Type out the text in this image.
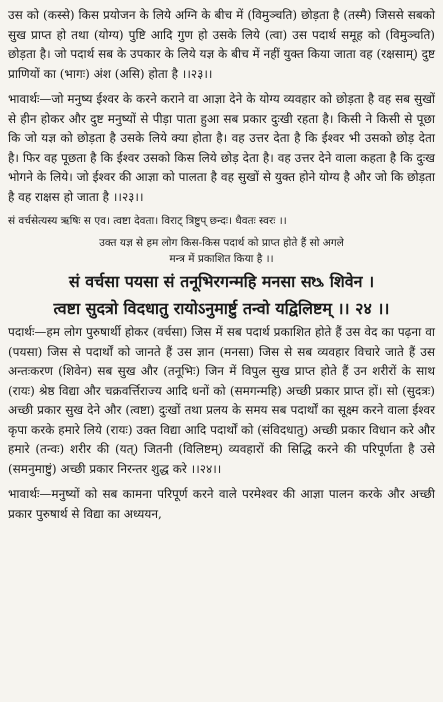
उस को (कस्से) किस प्रयोजन के लिये अग्नि के बीच में (विमुञ्चति) छोड़ता है (तस्मै) जिससे सबको सुख प्राप्त हो तथा (योग्य) पुष्टि आदि गुण हो उसके लिये (त्वा) उस पदार्थ समूह को (विमुञ्चति) छोड़ता है। जो पदार्थ सब के उपकार के लिये यज्ञ के बीच में नहीं युक्त किया जाता वह (रक्षसाम्) दुष्ट प्राणियों का (भागः) अंश (असि) होता है ।।२३।।

भावार्थः—जो मनुष्य ईश्वर के करने कराने वा आज्ञा देने के योग्य व्यवहार को छोड़ता है वह सब सुखों से हीन होकर और दुष्ट मनुष्यों से पीड़ा पाता हुआ सब प्रकार दुःखी रहता है। किसी ने किसी से पूछा कि जो यज्ञ को छोड़ता है उसके लिये क्या होता है। वह उत्तर देता है कि ईश्वर भी उसको छोड़ देता है। फिर वह पूछता है कि ईश्वर उसको किस लिये छोड़ देता है। वह उत्तर देने वाला कहता है कि दुःख भोगने के लिये। जो ईश्वर की आज्ञा को पालता है वह सुखों से युक्त होने योग्य है और जो कि छोड़ता है वह राक्षस हो जाता है ।।२३।।

सं वर्चसेत्यस्य ऋषिः स एव। त्वष्टा देवता। विराट् त्रिष्टुप् छन्दः। धैवतः स्वरः ।।

उक्त यज्ञ से हम लोग किस-किस पदार्थ को प्राप्त होते हैं सो अगले

मन्त्र में प्रकाशित किया है ।।

सं वर्चसा पयसा सं तनूभिरगन्महि मनसा सᳬ शिवेन ।

त्वष्टा सुदत्रो विदधातु रायोऽनुमार्ष्टु तन्वो यद्विलिष्टम् ।। २४ ।।

पदार्थः—हम लोग पुरुषार्थी होकर (वर्चसा) जिस में सब पदार्थ प्रकाशित होते हैं उस वेद का पढ़ना वा (पयसा) जिस से पदार्थों को जानते हैं उस ज्ञान (मनसा) जिस से सब व्यवहार विचारे जाते हैं उस अन्तःकरण (शिवेन) सब सुख और (तनूभिः) जिन में विपुल सुख प्राप्त होते हैं उन शरीरों के साथ (रायः) श्रेष्ठ विद्या और चक्रवर्त्तिराज्य आदि धनों को (समगन्महि) अच्छी प्रकार प्राप्त हों। सो (सुदत्रः) अच्छी प्रकार सुख देने और (त्वष्टा) दुःखों तथा प्रलय के समय सब पदार्थों का सूक्ष्म करने वाला ईश्वर कृपा करके हमारे लिये (रायः) उक्त विद्या आदि पदार्थों को (संविदधातु) अच्छी प्रकार विधान करे और हमारे (तन्वः) शरीर की (यत्) जितनी (विलिष्टम्) व्यवहारों की सिद्धि करने की परिपूर्णता है उसे (समनुमाष्टुं) अच्छी प्रकार निरन्तर शुद्ध करे ।।२४।।

भावार्थः—मनुष्यों को सब कामना परिपूर्ण करने वाले परमेश्वर की आज्ञा पालन करके और अच्छी प्रकार पुरुषार्थ से विद्या का अध्ययन,
